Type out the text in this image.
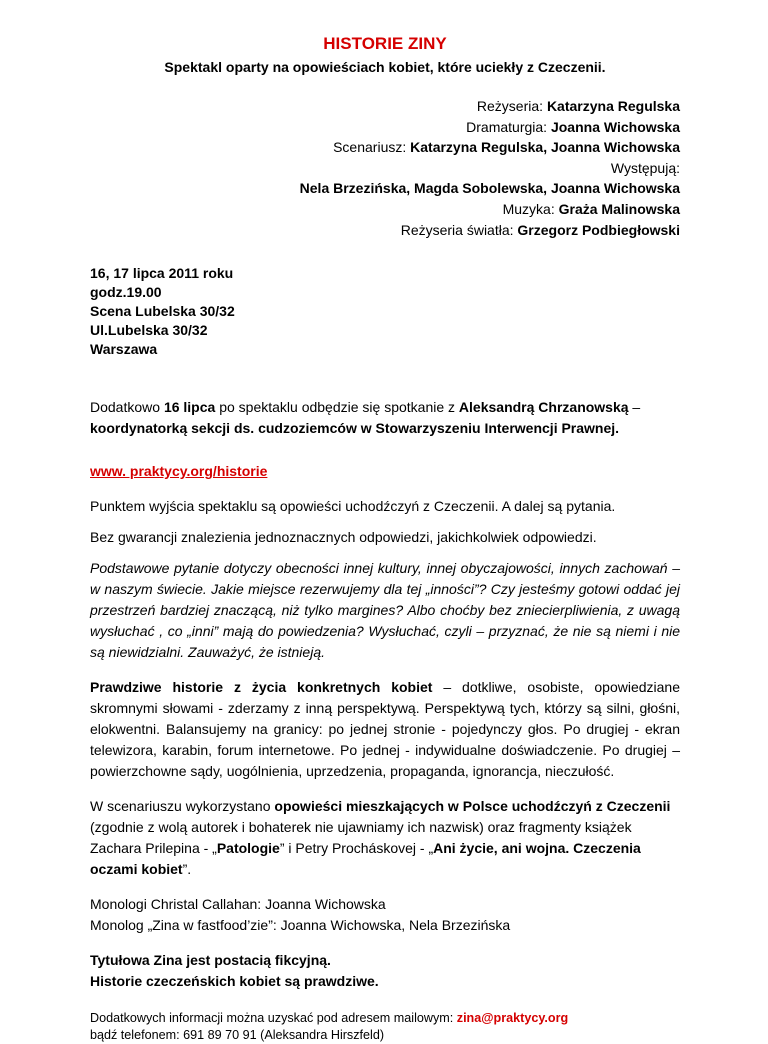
HISTORIE ZINY
Spektakl oparty na opowieściach kobiet, które uciekły z Czeczenii.
Reżyseria: Katarzyna Regulska
Dramaturgia: Joanna Wichowska
Scenariusz: Katarzyna Regulska, Joanna Wichowska
Występują:
Nela Brzezińska, Magda Sobolewska, Joanna Wichowska
Muzyka: Graża Malinowska
Reżyseria światła: Grzegorz Podbiegłowski
16, 17 lipca 2011 roku
godz.19.00
Scena Lubelska 30/32
Ul.Lubelska 30/32
Warszawa

Dodatkowo 16 lipca po spektaklu odbędzie się spotkanie z Aleksandrą Chrzanowską –
koordynatorką sekcji ds. cudzoziemców w Stowarzyszeniu Interwencji Prawnej.

www. praktycy.org/historie

Punktem wyjścia spektaklu są opowieści uchodźczyń z Czeczenii. A dalej są pytania.

Bez gwarancji znalezienia jednoznacznych odpowiedzi, jakichkolwiek odpowiedzi.

Podstawowe pytanie dotyczy obecności innej kultury, innej obyczajowości, innych zachowań – w naszym świecie. Jakie miejsce rezerwujemy dla tej „inności”? Czy jesteśmy gotowi oddać jej przestrzeń bardziej znaczącą, niż tylko margines? Albo choćby bez zniecierpliwienia, z uwagą wysłuchać , co „inni” mają do powiedzenia? Wysłuchać, czyli – przyznać, że nie są niemi i nie są niewidzialni. Zauważyć, że istnieją.

Prawdziwe historie z życia konkretnych kobiet – dotkliwe, osobiste, opowiedziane skromnymi słowami - zderzamy z inną perspektywą. Perspektywą tych, którzy są silni, głośni, elokwentni. Balansujemy na granicy: po jednej stronie - pojedynczy głos. Po drugiej - ekran telewizora, karabin, forum internetowe. Po jednej - indywidualne doświadczenie. Po drugiej – powierzchowne sądy, uogólnienia, uprzedzenia, propaganda, ignorancja, nieczułość.

W scenariuszu wykorzystano opowieści mieszkających w Polsce uchodźczyń z Czeczenii (zgodnie z wolą autorek i bohaterek nie ujawniamy ich nazwisk) oraz fragmenty książek Zachara Prilepina - „Patologie” i Petry Procháskovej - „Ani życie, ani wojna. Czeczenia oczami kobiet”.

Monologi Christal Callahan: Joanna Wichowska

Monolog „Zina w fastfood’zie”: Joanna Wichowska, Nela Brzezińska

Tytułowa Zina jest postacią fikcyjną.

Historie czeczeńskich kobiet są prawdziwe.

Dodatkowych informacji można uzyskać pod adresem mailowym: zina@praktycy.org
bądź telefonem: 691 89 70 91 (Aleksandra Hirszfeld)
